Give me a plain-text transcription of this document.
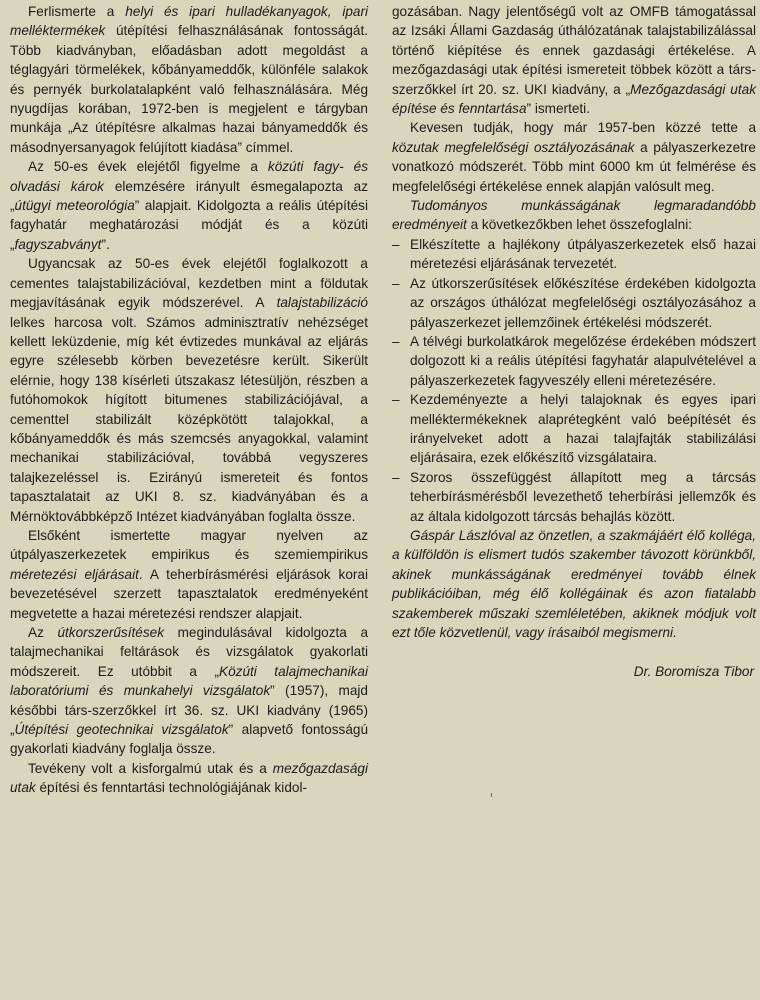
Ferlismerte a helyi és ipari hulladékanyagok, ipari melléktermékek útépítési felhasználásának fontosságát. Több kiadványban, előadásban adott megoldást a téglagyári törmelékek, kőbányameddők, különféle salakok és pernyék burkolatalapként való felhasználására. Még nyugdíjas korában, 1972-ben is megjelent e tárgyban munkája „Az útépítésre alkalmas hazai bányameddők és másodnyersanyagok felújított kiadása” címmel.

Az 50-es évek elejétől figyelme a közúti fagy- és olvadási károk elemzésére irányult ésmegalapozta az „útügyi meteorológia” alapjait. Kidolgozta a reális útépítési fagyhatár meghatározási módját és a közúti „fagyszabványt”.

Ugyancsak az 50-es évek elejétől foglalkozott a cementes talajstabilizációval, kezdetben mint a földutak megjavításának egyik módszerével. A talajstabilizáció lelkes harcosa volt. Számos adminisztratív nehézséget kellett leküzdenie, míg két évtizedes munkával az eljárás egyre szélesebb körben bevezetésre került. Sikerült elérnie, hogy 138 kísérleti útszakasz létesüljön, részben a futóhomokok hígított bitumenes stabilizációjával, a cementtel stabilizált középkötött talajokkal, a kőbányameddők és más szemcsés anyagokkal, valamint mechanikai stabilizációval, továbbá vegyszeres talajkezeléssel is. Ezirányú ismereteit és fontos tapasztalatait az UKI 8. sz. kiadványában és a Mérnöktovábbképző Intézet kiadványában foglalta össze.

Elsőként ismertette magyar nyelven az útpályaszerkezetek empirikus és szemiempirikus méretezési eljárásait. A teherbírásmérési eljárások korai bevezetésével szerzett tapasztalatok eredményeként megvetette a hazai méretezési rendszer alapjait.

Az útkorszerűsítések megindulásával kidolgozta a talajmechanikai feltárások és vizsgálatok gyakorlati módszereit. Ez utóbbit a „Közúti talajmechanikai laboratóriumi és munkahelyi vizsgálatok” (1957), majd későbbi társ-szerzőkkel írt 36. sz. UKI kiadvány (1965) „Útépítési geotechnikai vizsgálatok” alapvető fontosságú gyakorlati kiadvány foglalja össze.

Tevékeny volt a kisforgalmú utak és a mezőgazdasági utak építési és fenntartási technológiájának kidol-

gozásában. Nagy jelentőségű volt az OMFB támogatással az Izsáki Állami Gazdaság úthálózatának talajstabilizálással történő kiépítése és ennek gazdasági értékelése. A mezőgazdasági utak építési ismereteit többek között a társ-szerzőkkel írt 20. sz. UKI kiadvány, a „Mezőgazdasági utak építése és fenntartása” ismerteti.

Kevesen tudják, hogy már 1957-ben közzé tette a közutak megfelelőségi osztályozásának a pályaszerkezetre vonatkozó módszerét. Több mint 6000 km út felmérése és megfelelőségi értékelése ennek alapján valósult meg.

Tudományos munkásságának legmaradandóbb eredményeit a következőkben lehet összefoglalni:

– Elkészítette a hajlékony útpályaszerkezetek első hazai méretezési eljárásának tervezetét.
– Az útkorszerűsítések előkészítése érdekében kidolgozta az országos úthálózat megfelelőségi osztályozásához a pályaszerkezet jellemzőinek értékelési módszerét.
– A télvégi burkolatkárok megelőzése érdekében módszert dolgozott ki a reális útépítési fagyhatár alapulvételével a pályaszerkezetek fagyveszély elleni méretezésére.
– Kezdeményezte a helyi talajoknak és egyes ipari melléktermékeknek alaprétegként való beépítését és irányelveket adott a hazai talajfajták stabilizálási eljárásaira, ezek előkészítő vizsgálataira.
– Szoros összefüggést állapított meg a tárcsás teherbírásmérésből levezethető teherbírási jellemzők és az általa kidolgozott tárcsás behajlás között.

Gáspár Lászlóval az önzetlen, a szakmájáért élő kolléga, a külföldön is elismert tudós szakember távozott körünkből, akinek munkásságának eredményei tovább élnek publikációiban, még élő kollégáinak és azon fiatalabb szakemberek műszaki szemléletében, akiknek módjuk volt ezt tőle közvetlenül, vagy írásaiból megismerni.

Dr. Boromisza Tibor
